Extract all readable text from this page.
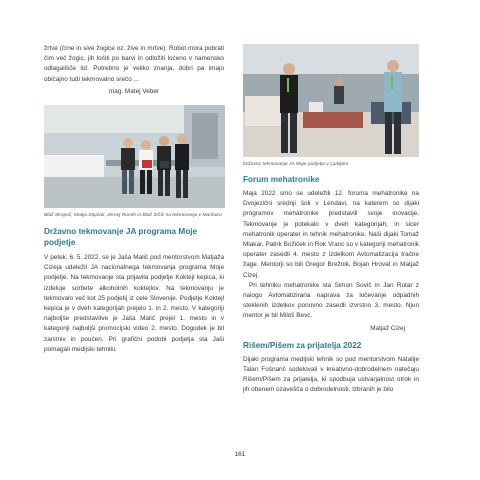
žrtve (črne in sive žogice oz. žive in mrtve). Robot mora pobrati čim več žogic, jih ločiti po barvi in odložiti ločeno v namensko odlagališče itd. Potrebno je veliko znanja, dobri pa imajo običajno tudi tekmovalno srečo ...

mag. Matej Veber
Blaž Strajnič, Matija Stipčak, Jernej Rumih in Blaž Srčič na tekmovanju v Mariboru
Državno tekmovanje JA programa Moje podjetje

V petek, 6. 5. 2022, se je Jaša Malič pod mentorstvom Matjaža Cizeja udeležil JA nacionalnega tekmovanja programa Moje podjetje. Na tekmovanje sta prijavila podjetje Koktejl kepica, ki izdeluje sorbete alkoholnih koktejlov. Na tekmovanju je tekmovalo več kot 25 podjetij iz cele Slovenije. Podjetje Koktejl kepica je v dveh kategorijah prejelo 1. in 2. mesto. V kategoriji najboljše predstavitve je Jaša Malič prejel 1. mesto in v kategoriji najboljši promocijski video 2. mesto. Dogodek je bil zanimiv in poučen. Pri grafični podobi podjetja sta Jaši pomagali medijski tehniki.

Državno tekmovanje JA Moje podjetje v Ljubljani
Forum mehatronike

Maja 2022 smo se udeležili 12. foruma mehatronike na Dvojezični srednji šoli v Lendavi, na katerem so dijaki programov mehatronike predstavili svoje inovacije. Tekmovanje je potekalo v dveh kategorijah, in sicer mehatronik operater in tehnik mehatronike. Naši dijaki Tomaž Mlakar, Patrik Božiček in Rok Vranc so v kategoriji mehatronik operater zasedli 4. mesto z izdelkom Avtomatizacija tračne žage. Mentorji so bili Gregor Brežnik, Bojan Hrovat in Matjaž Cizej.

Pri tehniku mehatronike sta Simon Sovič in Jan Rutar z nalogo Avtomatizirana naprava za ločevanje odpadnih steklenih izdelkov ponovno zasedli izvrstno 3. mesto. Njun mentor je bil Miloš Bevc.

Matjaž Cizej
Rišem/Pišem za prijatelja 2022

Dijaki programa medijski tehnik so pod mentorstvom Natalije Talan Fošnarič sodelovali v kreativno-dobrodelnem natečaju Rišem/Pišem za prijatelja, ki spodbuja ustvarjalnost otrok in jih obenem ozavešča o dobrodelnosti. Izbranih je bilo

161
